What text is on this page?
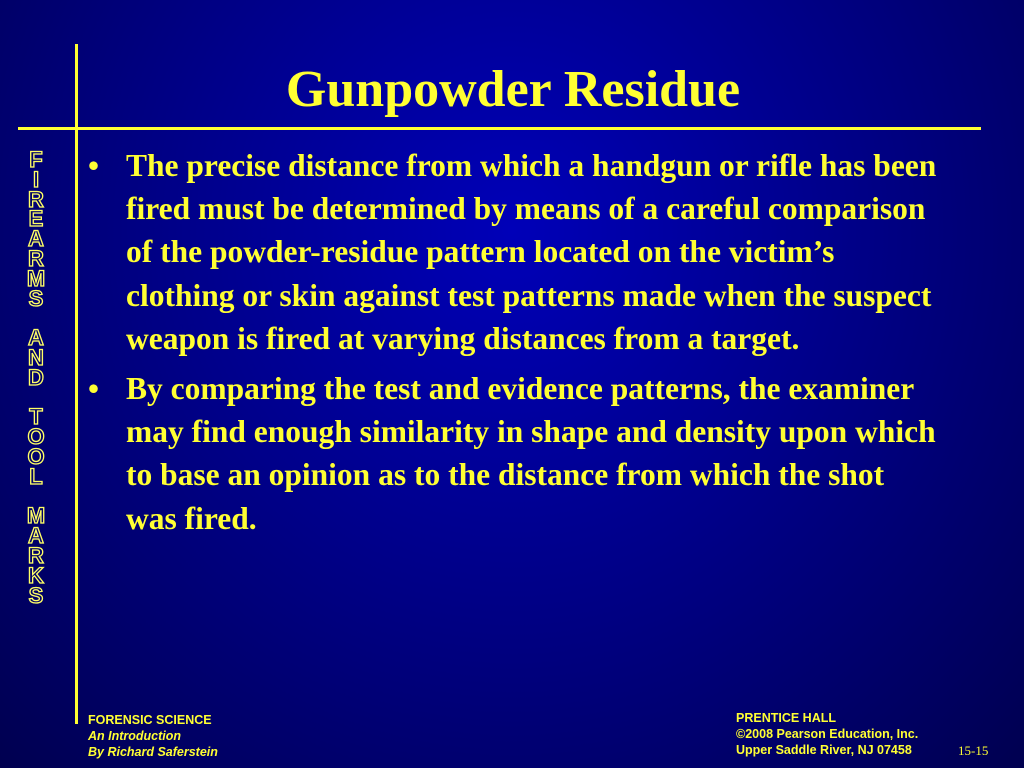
Gunpowder Residue
F
I
R
E
A
R
M
S

A
N
D

T
O
O
L

M
A
R
K
S
• The precise distance from which a handgun or rifle has been fired must be determined by means of a careful comparison of the powder-residue pattern located on the victim’s clothing or skin against test patterns made when the suspect weapon is fired at varying distances from a target.
• By comparing the test and evidence patterns, the examiner may find enough similarity in shape and density upon which to base an opinion as to the distance from which the shot was fired.
FORENSIC SCIENCE
An Introduction
By Richard Saferstein
PRENTICE HALL
©2008 Pearson Education, Inc.
Upper Saddle River, NJ 07458	15-15
